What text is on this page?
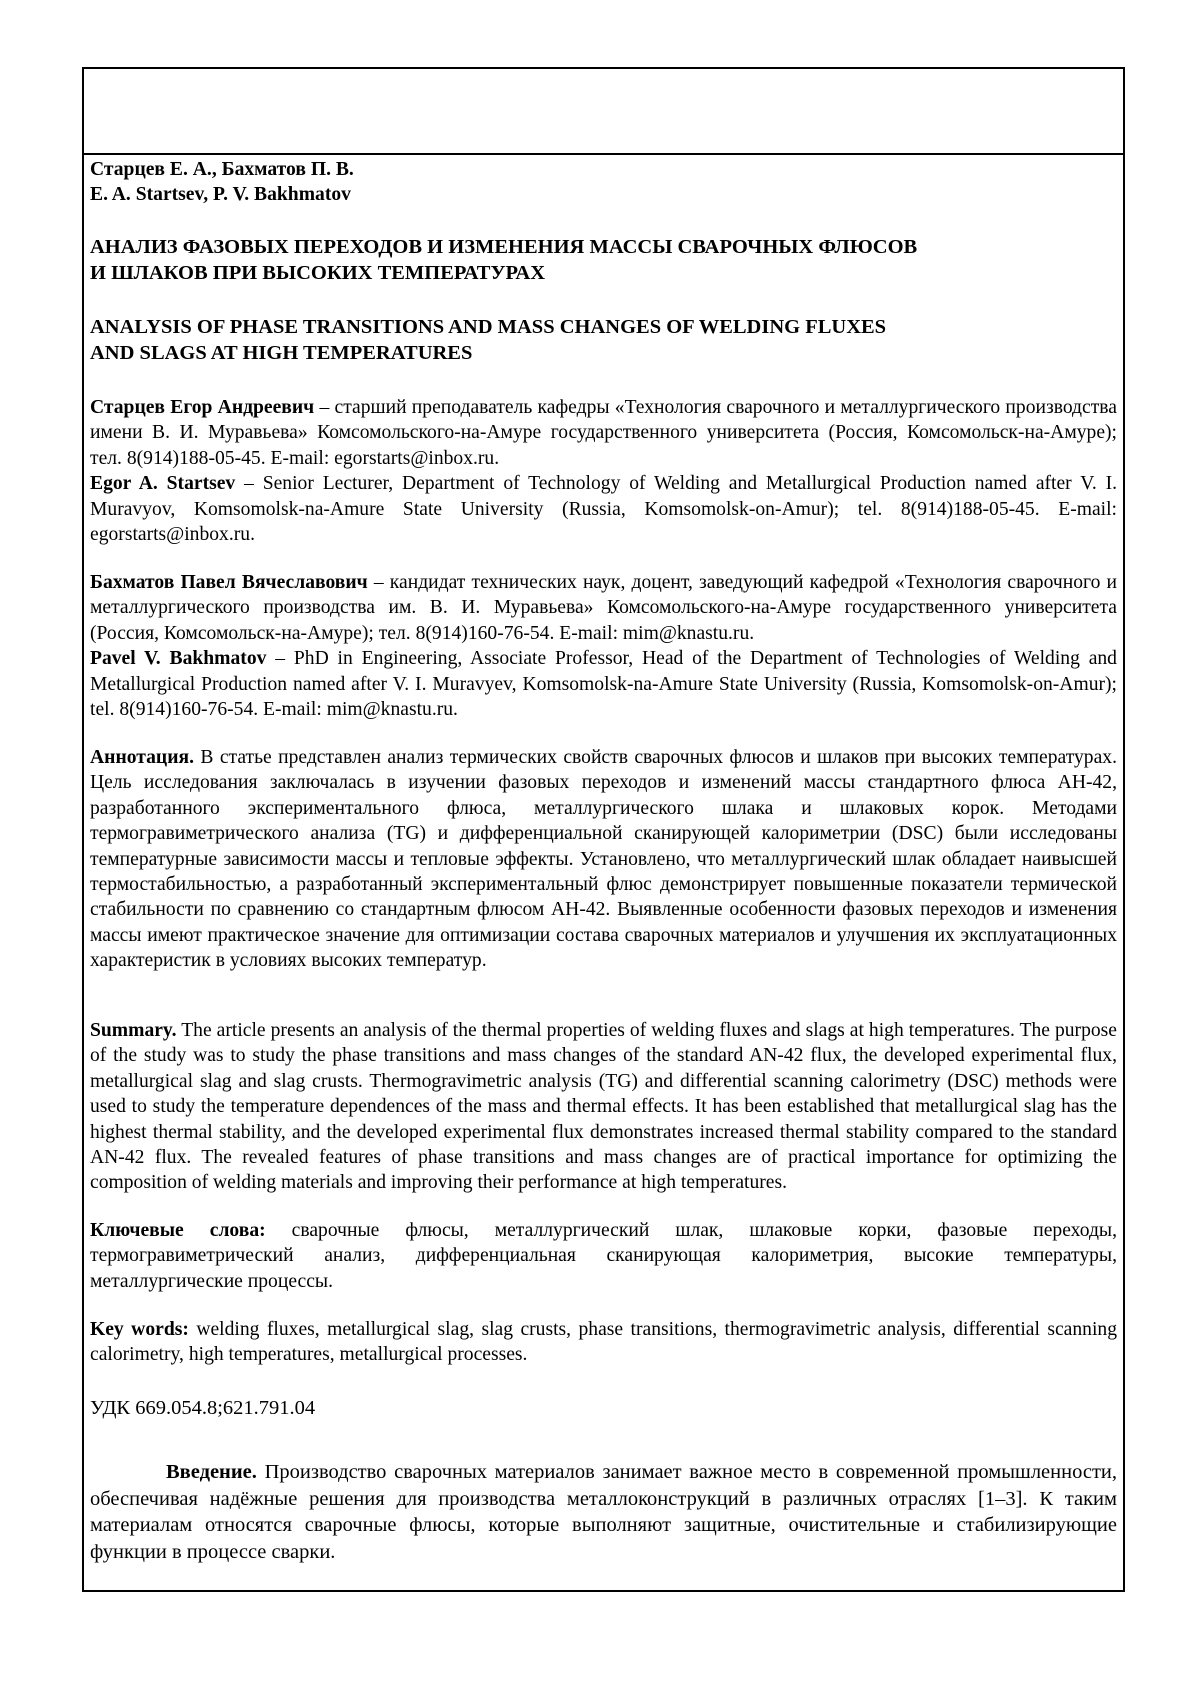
Старцев Е. А., Бахматов П. В.

E. A. Startsev, P. V. Bakhmatov

АНАЛИЗ ФАЗОВЫХ ПЕРЕХОДОВ И ИЗМЕНЕНИЯ МАССЫ СВАРОЧНЫХ ФЛЮСОВ

И ШЛАКОВ ПРИ ВЫСОКИХ ТЕМПЕРАТУРАХ

ANALYSIS OF PHASE TRANSITIONS AND MASS CHANGES OF WELDING FLUXES

AND SLAGS AT HIGH TEMPERATURES

Старцев Егор Андреевич – старший преподаватель кафедры «Технология сварочного и металлургического производства имени В. И. Муравьева» Комсомольского-на-Амуре государственного университета (Россия, Комсомольск-на-Амуре); тел. 8(914)188-05-45. E-mail: egorstarts@inbox.ru.

Egor A. Startsev – Senior Lecturer, Department of Technology of Welding and Metallurgical Production named after V. I. Muravyov, Komsomolsk-na-Amure State University (Russia, Komsomolsk-on-Amur); tel. 8(914)188-05-45. E-mail: egorstarts@inbox.ru.

Бахматов Павел Вячеславович – кандидат технических наук, доцент, заведующий кафедрой «Технология сварочного и металлургического производства им. В. И. Муравьева» Комсомольского-на-Амуре государственного университета (Россия, Комсомольск-на-Амуре); тел. 8(914)160-76-54. E-mail: mim@knastu.ru.

Pavel V. Bakhmatov – PhD in Engineering, Associate Professor, Head of the Department of Technologies of Welding and Metallurgical Production named after V. I. Muravyev, Komsomolsk-na-Amure State University (Russia, Komsomolsk-on-Amur); tel. 8(914)160-76-54. E-mail: mim@knastu.ru.

Аннотация. В статье представлен анализ термических свойств сварочных флюсов и шлаков при высоких температурах. Цель исследования заключалась в изучении фазовых переходов и изменений массы стандартного флюса АН-42, разработанного экспериментального флюса, металлургического шлака и шлаковых корок. Методами термогравиметрического анализа (TG) и дифференциальной сканирующей калориметрии (DSC) были исследованы температурные зависимости массы и тепловые эффекты. Установлено, что металлургический шлак обладает наивысшей термостабильностью, а разработанный экспериментальный флюс демонстрирует повышенные показатели термической стабильности по сравнению со стандартным флюсом АН-42. Выявленные особенности фазовых переходов и изменения массы имеют практическое значение для оптимизации состава сварочных материалов и улучшения их эксплуатационных характеристик в условиях высоких температур.

Summary. The article presents an analysis of the thermal properties of welding fluxes and slags at high temperatures. The purpose of the study was to study the phase transitions and mass changes of the standard AN-42 flux, the developed experimental flux, metallurgical slag and slag crusts. Thermogravimetric analysis (TG) and differential scanning calorimetry (DSC) methods were used to study the temperature dependences of the mass and thermal effects. It has been established that metallurgical slag has the highest thermal stability, and the developed experimental flux demonstrates increased thermal stability compared to the standard AN-42 flux. The revealed features of phase transitions and mass changes are of practical importance for optimizing the composition of welding materials and improving their performance at high temperatures.

Ключевые слова: сварочные флюсы, металлургический шлак, шлаковые корки, фазовые переходы, термогравиметрический анализ, дифференциальная сканирующая калориметрия, высокие температуры, металлургические процессы.

Key words: welding fluxes, metallurgical slag, slag crusts, phase transitions, thermogravimetric analysis, differential scanning calorimetry, high temperatures, metallurgical processes.

УДК 669.054.8;621.791.04

Введение. Производство сварочных материалов занимает важное место в современной промышленности, обеспечивая надёжные решения для производства металлоконструкций в различных отраслях [1–3]. К таким материалам относятся сварочные флюсы, которые выполняют защитные, очистительные и стабилизирующие функции в процессе сварки.
